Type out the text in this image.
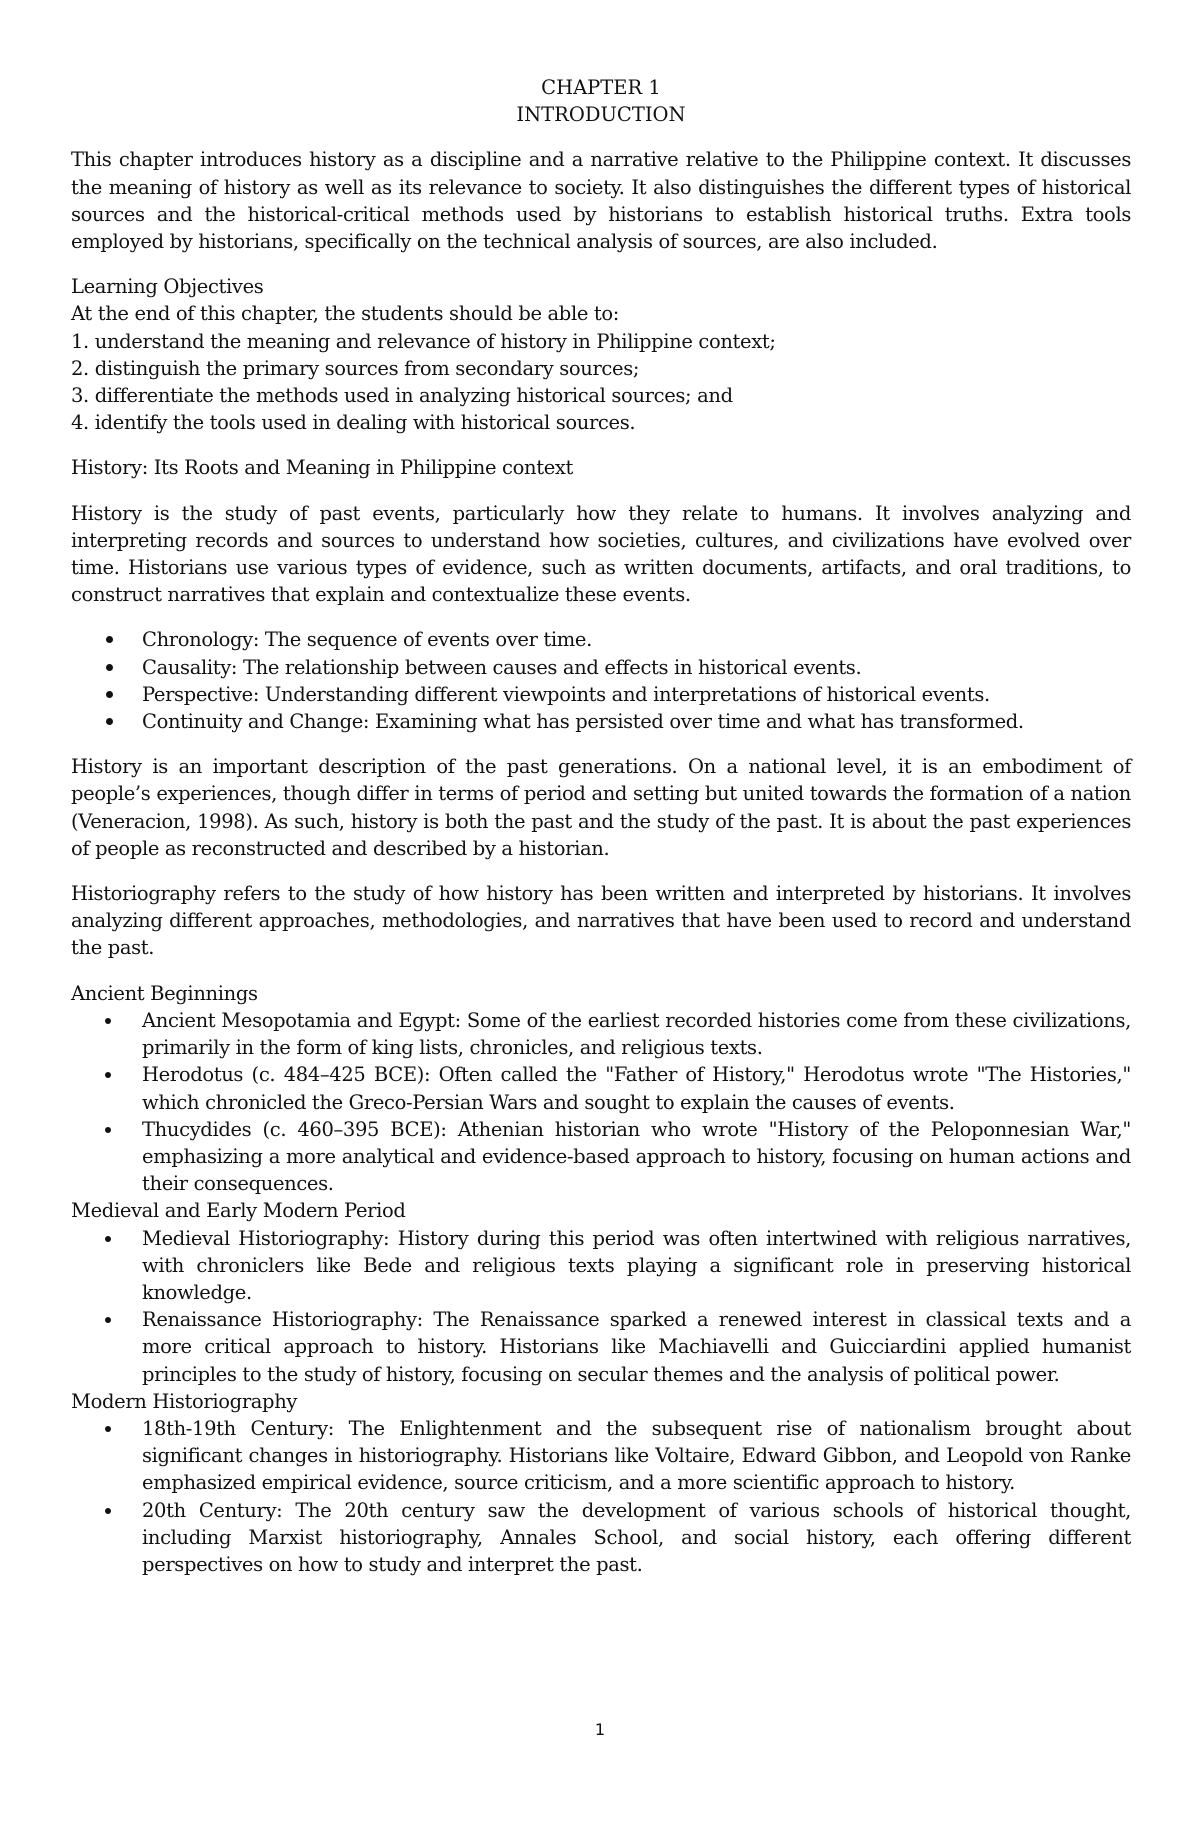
CHAPTER 1

INTRODUCTION

This chapter introduces history as a discipline and a narrative relative to the Philippine context. It discusses the meaning of history as well as its relevance to society. It also distinguishes the different types of historical sources and the historical-critical methods used by historians to establish historical truths. Extra tools employed by historians, specifically on the technical analysis of sources, are also included.

Learning Objectives

At the end of this chapter, the students should be able to:

1. understand the meaning and relevance of history in Philippine context;

2. distinguish the primary sources from secondary sources;

3. differentiate the methods used in analyzing historical sources; and

4. identify the tools used in dealing with historical sources.

History: Its Roots and Meaning in Philippine context

History is the study of past events, particularly how they relate to humans. It involves analyzing and interpreting records and sources to understand how societies, cultures, and civilizations have evolved over time. Historians use various types of evidence, such as written documents, artifacts, and oral traditions, to construct narratives that explain and contextualize these events.

Chronology: The sequence of events over time.
Causality: The relationship between causes and effects in historical events.
Perspective: Understanding different viewpoints and interpretations of historical events.
Continuity and Change: Examining what has persisted over time and what has transformed.

History is an important description of the past generations. On a national level, it is an embodiment of people’s experiences, though differ in terms of period and setting but united towards the formation of a nation (Veneracion, 1998). As such, history is both the past and the study of the past. It is about the past experiences of people as reconstructed and described by a historian.

Historiography refers to the study of how history has been written and interpreted by historians. It involves analyzing different approaches, methodologies, and narratives that have been used to record and understand the past.

Ancient Beginnings

Ancient Mesopotamia and Egypt: Some of the earliest recorded histories come from these civilizations, primarily in the form of king lists, chronicles, and religious texts.
Herodotus (c. 484–425 BCE): Often called the "Father of History," Herodotus wrote "The Histories," which chronicled the Greco-Persian Wars and sought to explain the causes of events.
Thucydides (c. 460–395 BCE): Athenian historian who wrote "History of the Peloponnesian War," emphasizing a more analytical and evidence-based approach to history, focusing on human actions and their consequences.

Medieval and Early Modern Period

Medieval Historiography: History during this period was often intertwined with religious narratives, with chroniclers like Bede and religious texts playing a significant role in preserving historical knowledge.
Renaissance Historiography: The Renaissance sparked a renewed interest in classical texts and a more critical approach to history. Historians like Machiavelli and Guicciardini applied humanist principles to the study of history, focusing on secular themes and the analysis of political power.

Modern Historiography

18th-19th Century: The Enlightenment and the subsequent rise of nationalism brought about significant changes in historiography. Historians like Voltaire, Edward Gibbon, and Leopold von Ranke emphasized empirical evidence, source criticism, and a more scientific approach to history.
20th Century: The 20th century saw the development of various schools of historical thought, including Marxist historiography, Annales School, and social history, each offering different perspectives on how to study and interpret the past.
1
